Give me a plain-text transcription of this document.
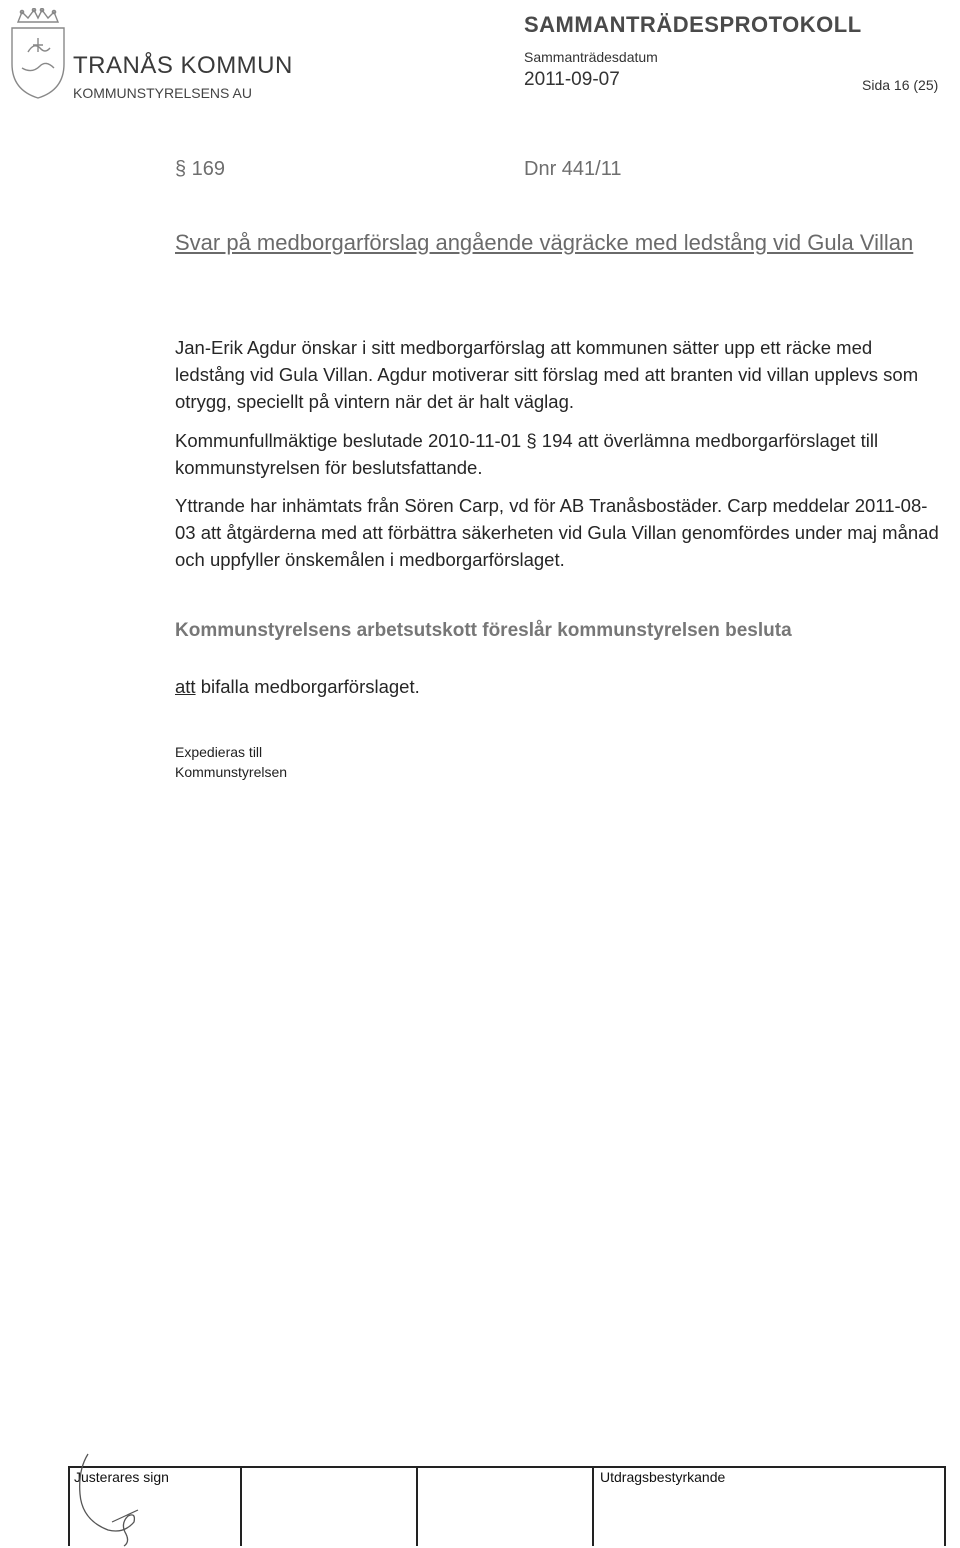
TRANÅS KOMMUN
KOMMUNSTYRELSENS AU
SAMMANTRÄDESPROTOKOLL
Sammanträdesdatum
2011-09-07	Sida 16 (25)
§ 169	Dnr 441/11
Svar på medborgarförslag angående vägräcke med ledstång vid Gula Villan
Jan-Erik Agdur önskar i sitt medborgarförslag att kommunen sätter upp ett räcke med ledstång vid Gula Villan. Agdur motiverar sitt förslag med att branten vid villan upplevs som otrygg, speciellt på vintern när det är halt väglag.
Kommunfullmäktige beslutade 2010-11-01 § 194 att överlämna medborgarförslaget till kommunstyrelsen för beslutsfattande.
Yttrande har inhämtats från Sören Carp, vd för AB Tranåsbostäder. Carp meddelar 2011-08-03 att åtgärderna med att förbättra säkerheten vid Gula Villan genomfördes under maj månad och uppfyller önskemålen i medborgarförslaget.
Kommunstyrelsens arbetsutskott föreslår kommunstyrelsen besluta
att bifalla medborgarförslaget.
Expedieras till
Kommunstyrelsen
Justerares sign	Utdragsbestyrkande
